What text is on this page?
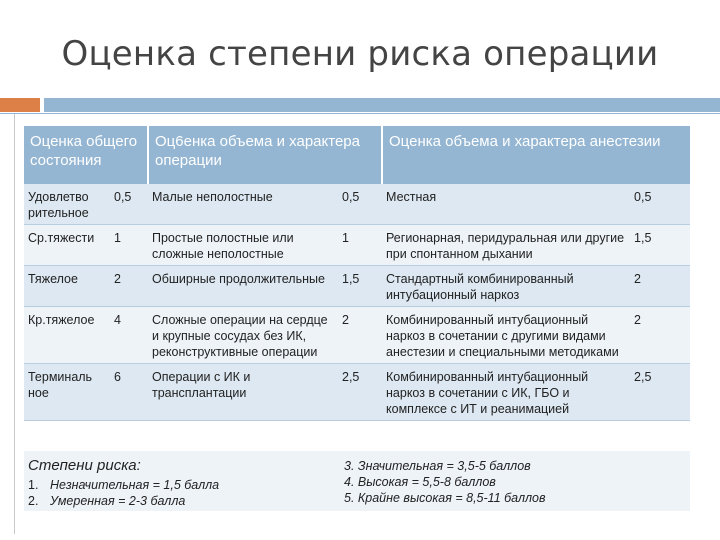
Оценка степени риска операции
Оценка общего состояния		Оц6енка объема и характера операции		Оценка объема и характера анестезии	
Удовлетво рительное	0,5	Малые неполостные	0,5	Местная	0,5
Ср.тяжести	1	Простые полостные или сложные неполостные	1	Регионарная, перидуральная или другие при спонтанном дыхании	1,5
Тяжелое	2	Обширные продолжительные	1,5	Стандартный комбинированный интубационный наркоз	2
Кр.тяжелое	4	Сложные операции на сердце и крупные сосудах без ИК, реконструктивные операции	2	Комбинированный интубационный наркоз в сочетании с другими видами анестезии и специальными методиками	2
Терминаль ное	6	Операции с ИК и трансплантации	2,5	Комбинированный интубационный наркоз в сочетании с ИК, ГБО и комплексе с ИТ и реанимацией	2,5
Степени риска:
1. Незначительная = 1,5 балла
2. Умеренная = 2-3 балла
3. Значительная = 3,5-5 баллов
4. Высокая = 5,5-8 баллов
5. Крайне высокая = 8,5-11 баллов
